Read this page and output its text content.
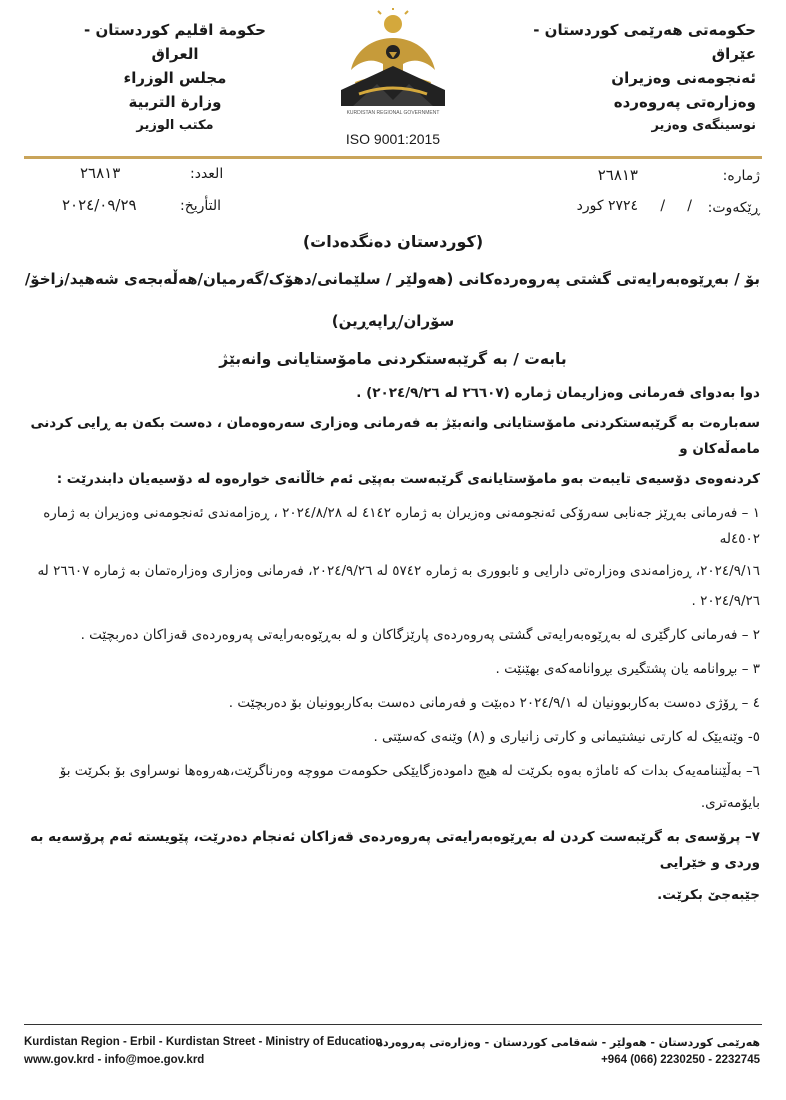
حکومەتی هەرێمی کوردستان - عێراق
ئەنجومەنی وەزیران
وەزارەتی پەروەردە
نوسینگەی وەزیر
حكومة اقليم كوردستان - العراق
مجلس الوزراء
وزارة التربية
مكتب الوزير
KURDISTAN REGIONAL GOVERNMENT
ISO 9001:2015
ژمارە:
٢٦٨١٣
ڕێکەوت:
/     /     ٢٧٢٤ کورد
العدد:
٢٦٨١٣
التأريخ:
٢٠٢٤/٠٩/٢٩
(کوردستان دەنگدەدات)
بۆ / بەڕێوەبەرایەتی گشتی پەروەردەکانی (هەولێر / سلێمانی/دهۆک/گەرمیان/هەڵەبجەی شەهید/زاخۆ/
سۆران/ڕاپەڕین)
بابەت / بە گرێبەستکردنی مامۆستایانی وانەبێژ

دوا بەدوای فەرمانی وەزاریمان ژمارە (٢٦٦٠٧ لە ٢٠٢٤/٩/٢٦) .

سەبارەت بە گرێبەستکردنی مامۆستایانی وانەبێژ بە فەرمانی وەزاری سەرەوەمان ، دەست بکەن بە ڕایی کردنی مامەڵەکان و

کردنەوەی دۆسیەی تایبەت بەو مامۆستایانەی گرێبەست بەپێی ئەم خاڵانەی خوارەوە لە دۆسیەیان دابندرێت :

١ – فەرمانی بەڕێز جەنابی سەرۆکی ئەنجومەنی وەزیران بە ژمارە ٤١٤٢ لە ٢٠٢٤/٨/٢٨ ، ڕەزامەندی ئەنجومەنی وەزیران بە ژمارە ٤٥٠٢لە

٢٠٢٤/٩/١٦، ڕەزامەندی وەزارەتی دارایی و ئابووری بە ژمارە ٥٧٤٢ لە ٢٠٢٤/٩/٢٦، فەرمانی وەزاری وەزارەتمان بە ژمارە ٢٦٦٠٧ لە

٢٠٢٤/٩/٢٦ .

٢ – فەرمانی کارگێری لە بەڕێوەبەرایەتی گشتی پەروەردەی پارێزگاکان و لە بەڕێوەبەرایەتی پەروەردەی قەزاکان دەربچێت .

٣ – بڕوانامە یان پشتگیری بڕوانامەکەی بهێنێت .

٤ – ڕۆژی دەست بەکاربوونیان لە ٢٠٢٤/٩/١ دەبێت و فەرمانی دەست بەکاربوونیان بۆ دەربچێت .

٥- وێنەیێک لە کارتی نیشتیمانی و کارتی زانیاری و (٨) وێنەی کەسێتی .

٦– بەڵێننامەیەک بدات کە ئاماژە بەوە بکرێت لە هیچ دامودەزگایێکی حکومەت مووچە وەرناگرێت،هەروەها نوسراوی بۆ بکرێت بۆ

بایۆمەتری.

٧– پرۆسەی بە گرێبەست کردن لە بەڕێوەبەرایەتی پەروەردەی قەزاکان ئەنجام دەدرێت، پێویستە ئەم پرۆسەیە بە وردی و خێرایی

جێبەجێ بکرێت.

Kurdistan Region - Erbil - Kurdistan Street - Ministry of Education
www.gov.krd - info@moe.gov.krd
هەرێمی کوردستان - هەولێر - شەقامی کوردستان - وەزارەتی پەروەردە
+964 (066) 2230250 - 2232745
